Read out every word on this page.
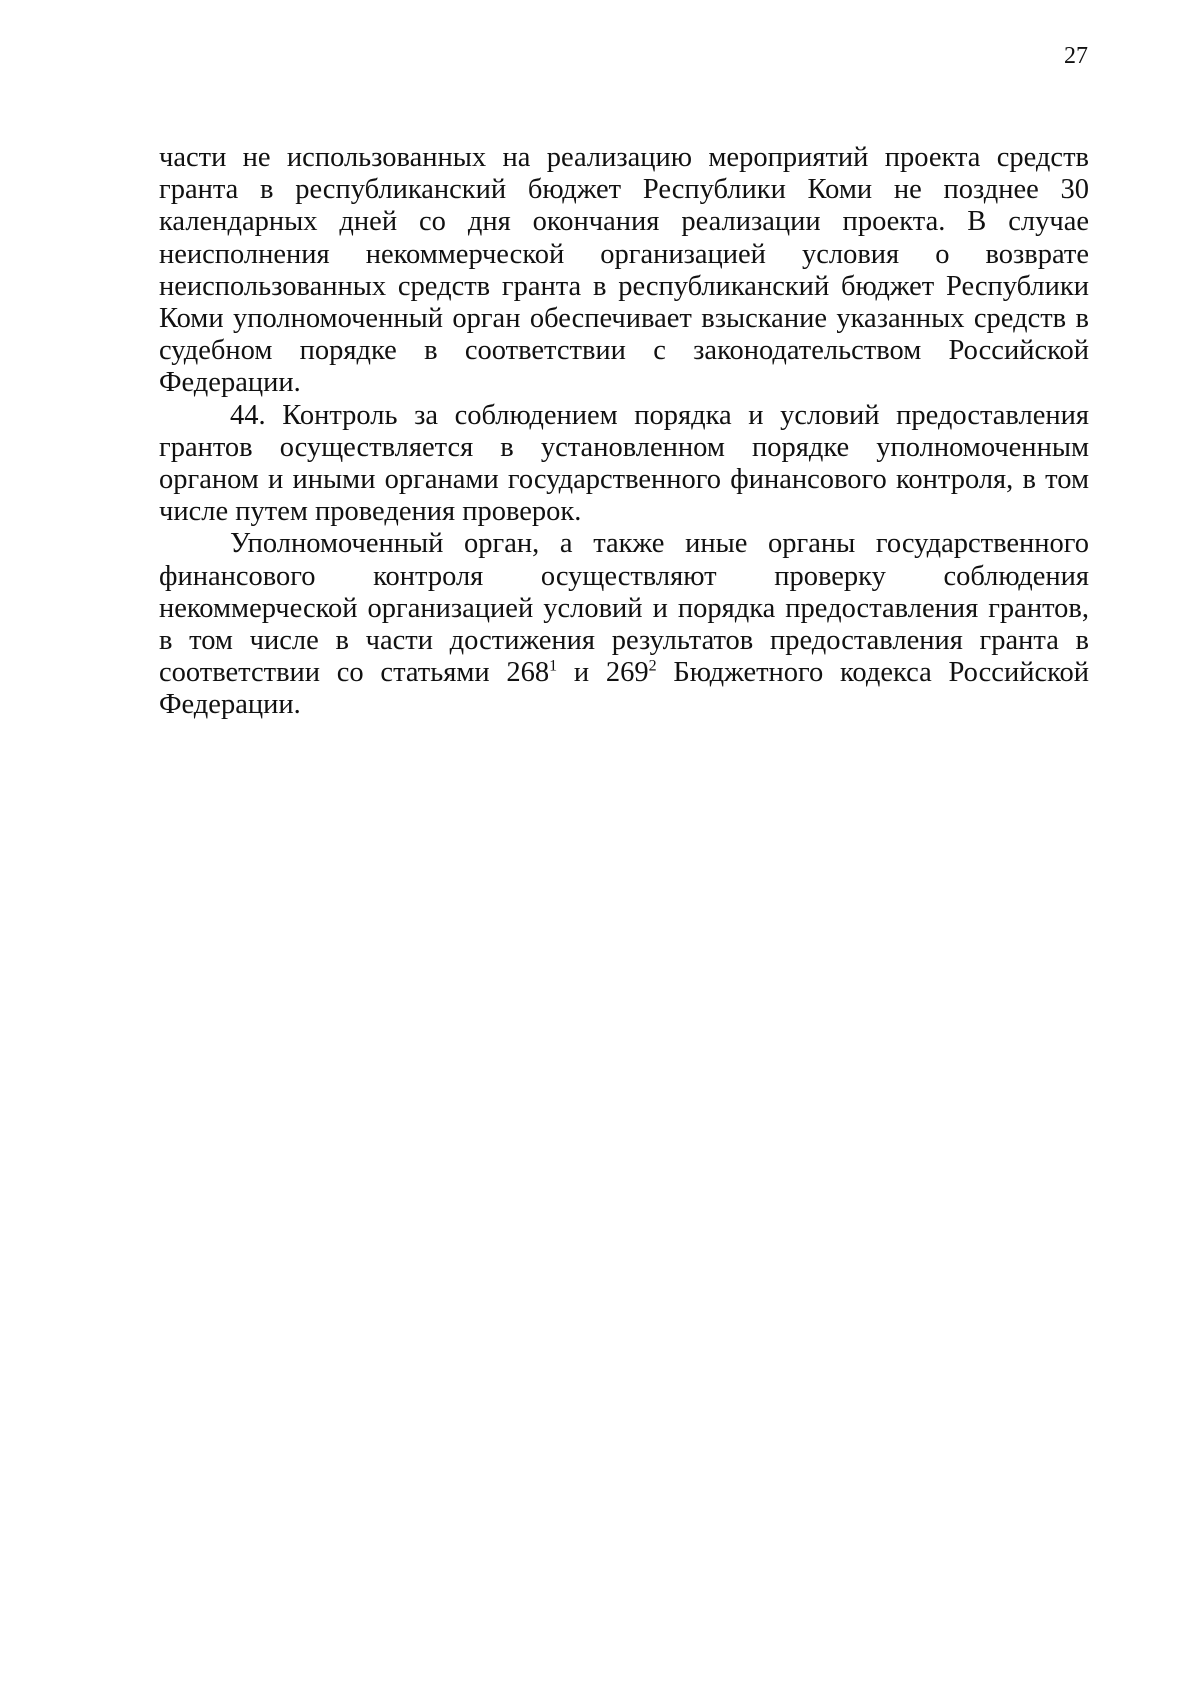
27

части не использованных на реализацию мероприятий проекта средств гранта в республиканский бюджет Республики Коми не позднее 30 календарных дней со дня окончания реализации проекта. В случае неисполнения некоммерческой организацией условия о возврате неиспользованных средств гранта в республиканский бюджет Республики Коми уполномоченный орган обеспечивает взыскание указанных средств в судебном порядке в соответствии с законодательством Российской Федерации.

44. Контроль за соблюдением порядка и условий предоставления грантов осуществляется в установленном порядке уполномоченным органом и иными органами государственного финансового контроля, в том числе путем проведения проверок.

Уполномоченный орган, а также иные органы государственного финансового контроля осуществляют проверку соблюдения некоммерческой организацией условий и порядка предоставления грантов, в том числе в части достижения результатов предоставления гранта в соответствии со статьями $268^1$ и $269^2$ Бюджетного кодекса Российской Федерации.
